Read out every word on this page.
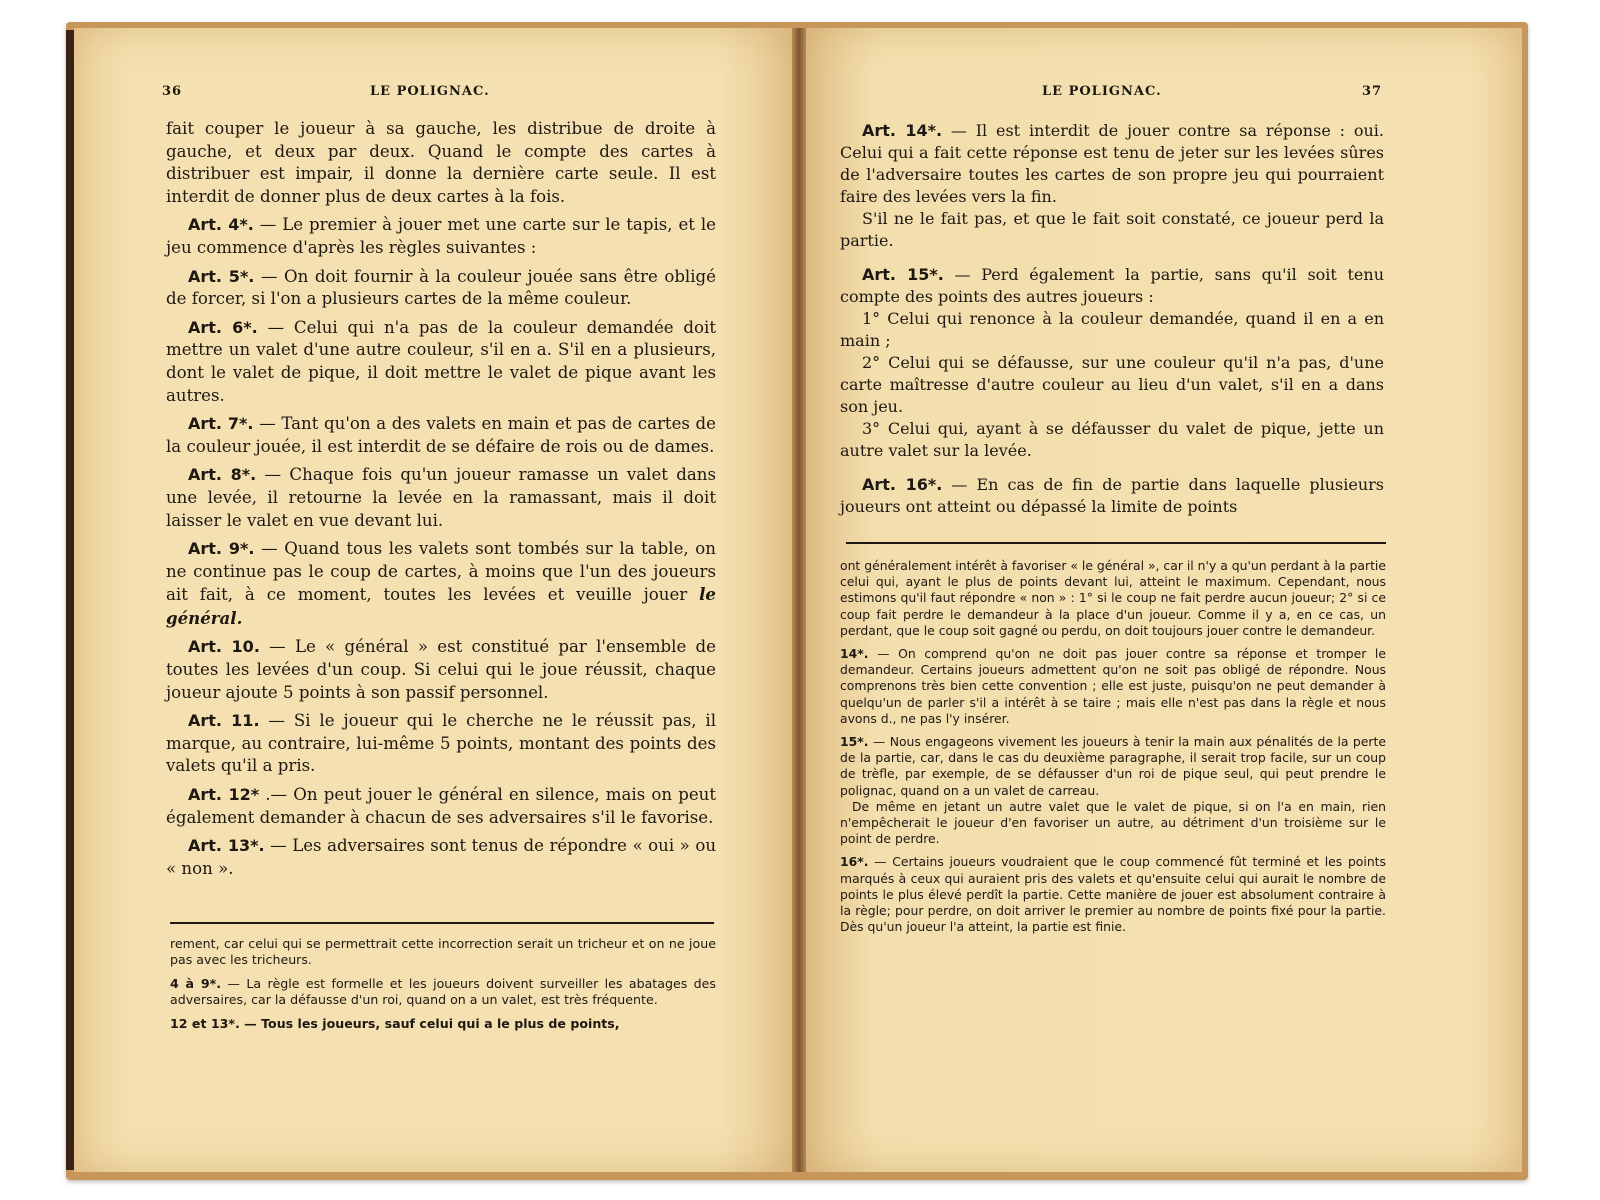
36	LE POLIGNAC.

fait couper le joueur à sa gauche, les distribue de droite à gauche, et deux par deux. Quand le compte des cartes à distribuer est impair, il donne la dernière carte seule. Il est interdit de donner plus de deux cartes à la fois.

Art. 4*. — Le premier à jouer met une carte sur le tapis, et le jeu commence d'après les règles suivantes :

Art. 5*. — On doit fournir à la couleur jouée sans être obligé de forcer, si l'on a plusieurs cartes de la même couleur.

Art. 6*. — Celui qui n'a pas de la couleur demandée doit mettre un valet d'une autre couleur, s'il en a. S'il en a plusieurs, dont le valet de pique, il doit mettre le valet de pique avant les autres.

Art. 7*. — Tant qu'on a des valets en main et pas de cartes de la couleur jouée, il est interdit de se défaire de rois ou de dames.

Art. 8*. — Chaque fois qu'un joueur ramasse un valet dans une levée, il retourne la levée en la ramassant, mais il doit laisser le valet en vue devant lui.

Art. 9*. — Quand tous les valets sont tombés sur la table, on ne continue pas le coup de cartes, à moins que l'un des joueurs ait fait, à ce moment, toutes les levées et veuille jouer le général.

Art. 10. — Le « général » est constitué par l'ensemble de toutes les levées d'un coup. Si celui qui le joue réussit, chaque joueur ajoute 5 points à son passif personnel.

Art. 11. — Si le joueur qui le cherche ne le réussit pas, il marque, au contraire, lui-même 5 points, montant des points des valets qu'il a pris.

Art. 12* .— On peut jouer le général en silence, mais on peut également demander à chacun de ses adversaires s'il le favorise.

Art. 13*. — Les adversaires sont tenus de répondre « oui » ou « non ».

rement, car celui qui se permettrait cette incorrection serait un tricheur et on ne joue pas avec les tricheurs.

4 à 9*. — La règle est formelle et les joueurs doivent surveiller les abatages des adversaires, car la défausse d'un roi, quand on a un valet, est très fréquente.

12 et 13*. — Tous les joueurs, sauf celui qui a le plus de points,

LE POLIGNAC.	37

Art. 14*. — Il est interdit de jouer contre sa réponse : oui. Celui qui a fait cette réponse est tenu de jeter sur les levées sûres de l'adversaire toutes les cartes de son propre jeu qui pourraient faire des levées vers la fin.

S'il ne le fait pas, et que le fait soit constaté, ce joueur perd la partie.

Art. 15*. — Perd également la partie, sans qu'il soit tenu compte des points des autres joueurs :

1° Celui qui renonce à la couleur demandée, quand il en a en main ;

2° Celui qui se défausse, sur une couleur qu'il n'a pas, d'une carte maîtresse d'autre couleur au lieu d'un valet, s'il en a dans son jeu.

3° Celui qui, ayant à se défausser du valet de pique, jette un autre valet sur la levée.

Art. 16*. — En cas de fin de partie dans laquelle plusieurs joueurs ont atteint ou dépassé la limite de points

ont généralement intérêt à favoriser « le général », car il n'y a qu'un perdant à la partie celui qui, ayant le plus de points devant lui, atteint le maximum. Cependant, nous estimons qu'il faut répondre « non » : 1° si le coup ne fait perdre aucun joueur; 2° si ce coup fait perdre le demandeur à la place d'un joueur. Comme il y a, en ce cas, un perdant, que le coup soit gagné ou perdu, on doit toujours jouer contre le demandeur.

14*. — On comprend qu'on ne doit pas jouer contre sa réponse et tromper le demandeur. Certains joueurs admettent qu'on ne soit pas obligé de répondre. Nous comprenons très bien cette convention ; elle est juste, puisqu'on ne peut demander à quelqu'un de parler s'il a intérêt à se taire ; mais elle n'est pas dans la règle et nous avons d., ne pas l'y insérer.

15*. — Nous engageons vivement les joueurs à tenir la main aux pénalités de la perte de la partie, car, dans le cas du deuxième paragraphe, il serait trop facile, sur un coup de trèfle, par exemple, de se défausser d'un roi de pique seul, qui peut prendre le polignac, quand on a un valet de carreau.

De même en jetant un autre valet que le valet de pique, si on l'a en main, rien n'empêcherait le joueur d'en favoriser un autre, au détriment d'un troisième sur le point de perdre.

16*. — Certains joueurs voudraient que le coup commencé fût terminé et les points marqués à ceux qui auraient pris des valets et qu'ensuite celui qui aurait le nombre de points le plus élevé perdît la partie. Cette manière de jouer est absolument contraire à la règle; pour perdre, on doit arriver le premier au nombre de points fixé pour la partie. Dès qu'un joueur l'a atteint, la partie est finie.
